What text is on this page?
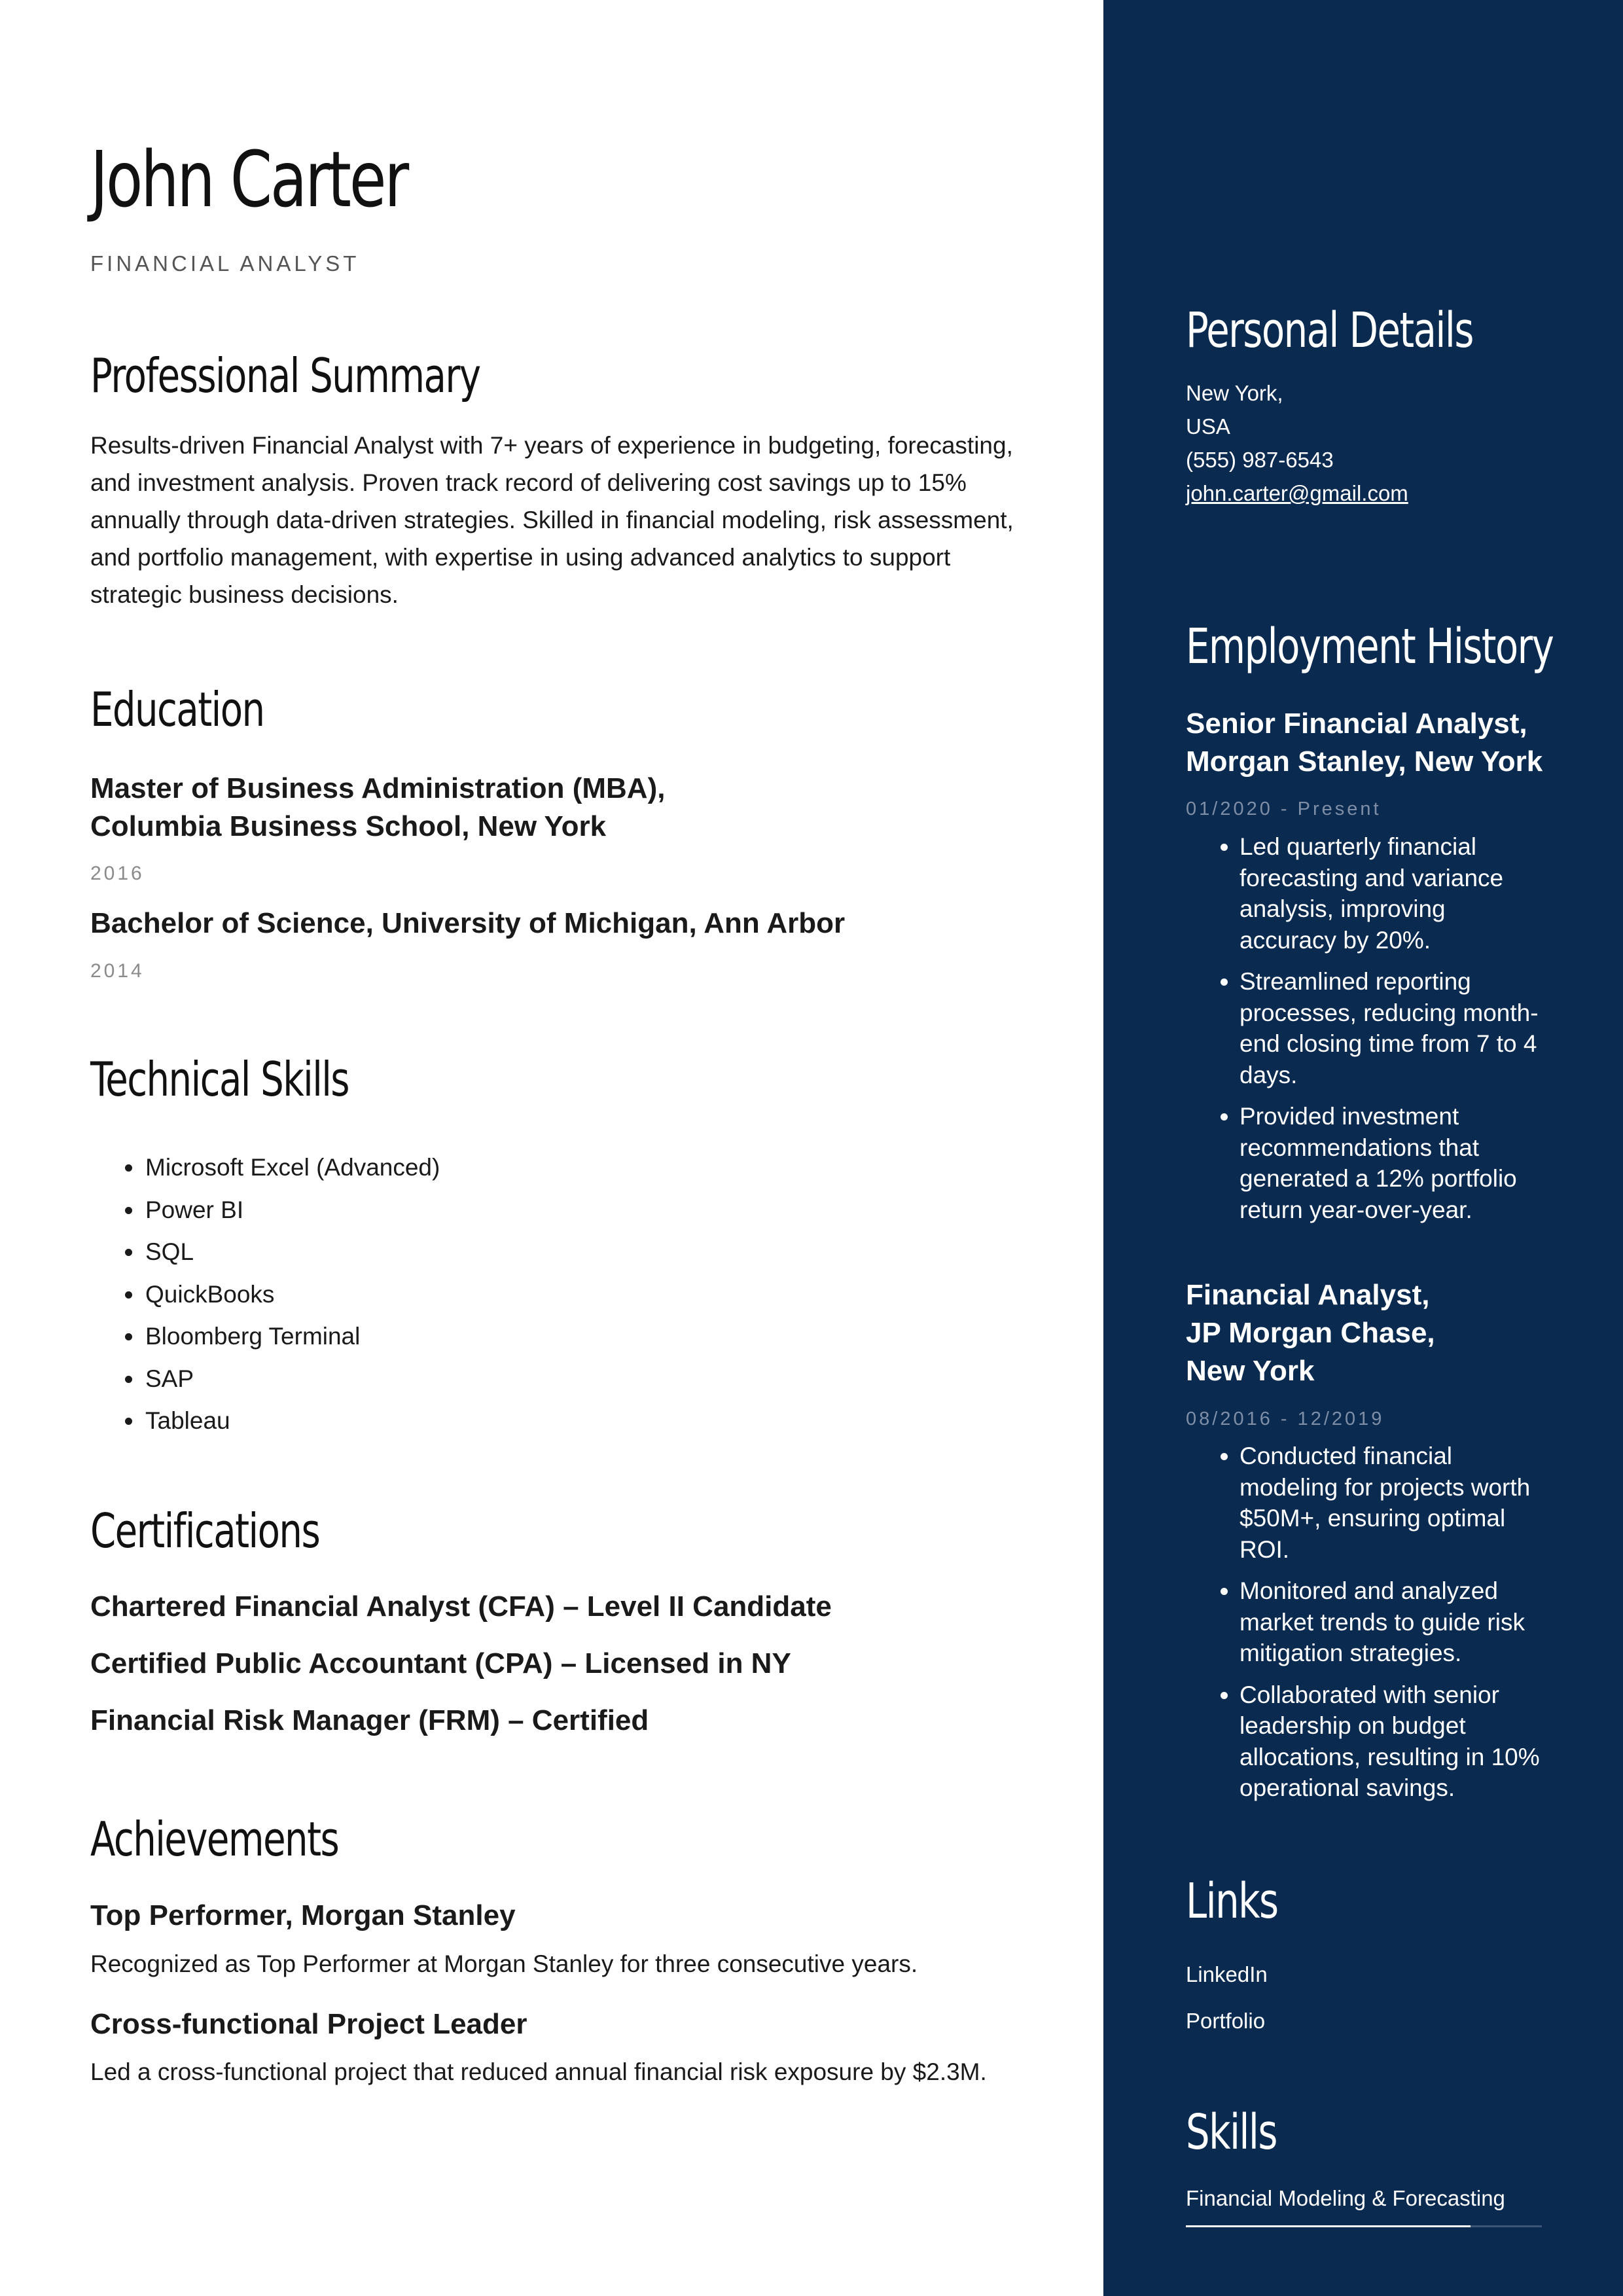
John Carter
FINANCIAL ANALYST
Professional Summary
Results-driven Financial Analyst with 7+ years of experience in budgeting, forecasting, and investment analysis. Proven track record of delivering cost savings up to 15% annually through data-driven strategies. Skilled in financial modeling, risk assessment, and portfolio management, with expertise in using advanced analytics to support strategic business decisions.
Education
Master of Business Administration (MBA),
Columbia Business School, New York
2016
Bachelor of Science, University of Michigan, Ann Arbor
2014
Technical Skills
• Microsoft Excel (Advanced)
• Power BI
• SQL
• QuickBooks
• Bloomberg Terminal
• SAP
• Tableau
Certifications
Chartered Financial Analyst (CFA) – Level II Candidate
Certified Public Accountant (CPA) – Licensed in NY
Financial Risk Manager (FRM) – Certified
Achievements
Top Performer, Morgan Stanley
Recognized as Top Performer at Morgan Stanley for three consecutive years.
Cross-functional Project Leader
Led a cross-functional project that reduced annual financial risk exposure by $2.3M.
Personal Details
New York,
USA
(555) 987-6543
john.carter@gmail.com
Employment History
Senior Financial Analyst,
Morgan Stanley, New York
01/2020 - Present
• Led quarterly financial forecasting and variance analysis, improving accuracy by 20%.
• Streamlined reporting processes, reducing month-end closing time from 7 to 4 days.
• Provided investment recommendations that generated a 12% portfolio return year-over-year.
Financial Analyst,
JP Morgan Chase,
New York
08/2016 - 12/2019
• Conducted financial modeling for projects worth $50M+, ensuring optimal ROI.
• Monitored and analyzed market trends to guide risk mitigation strategies.
• Collaborated with senior leadership on budget allocations, resulting in 10% operational savings.
Links
LinkedIn
Portfolio
Skills
Financial Modeling & Forecasting
